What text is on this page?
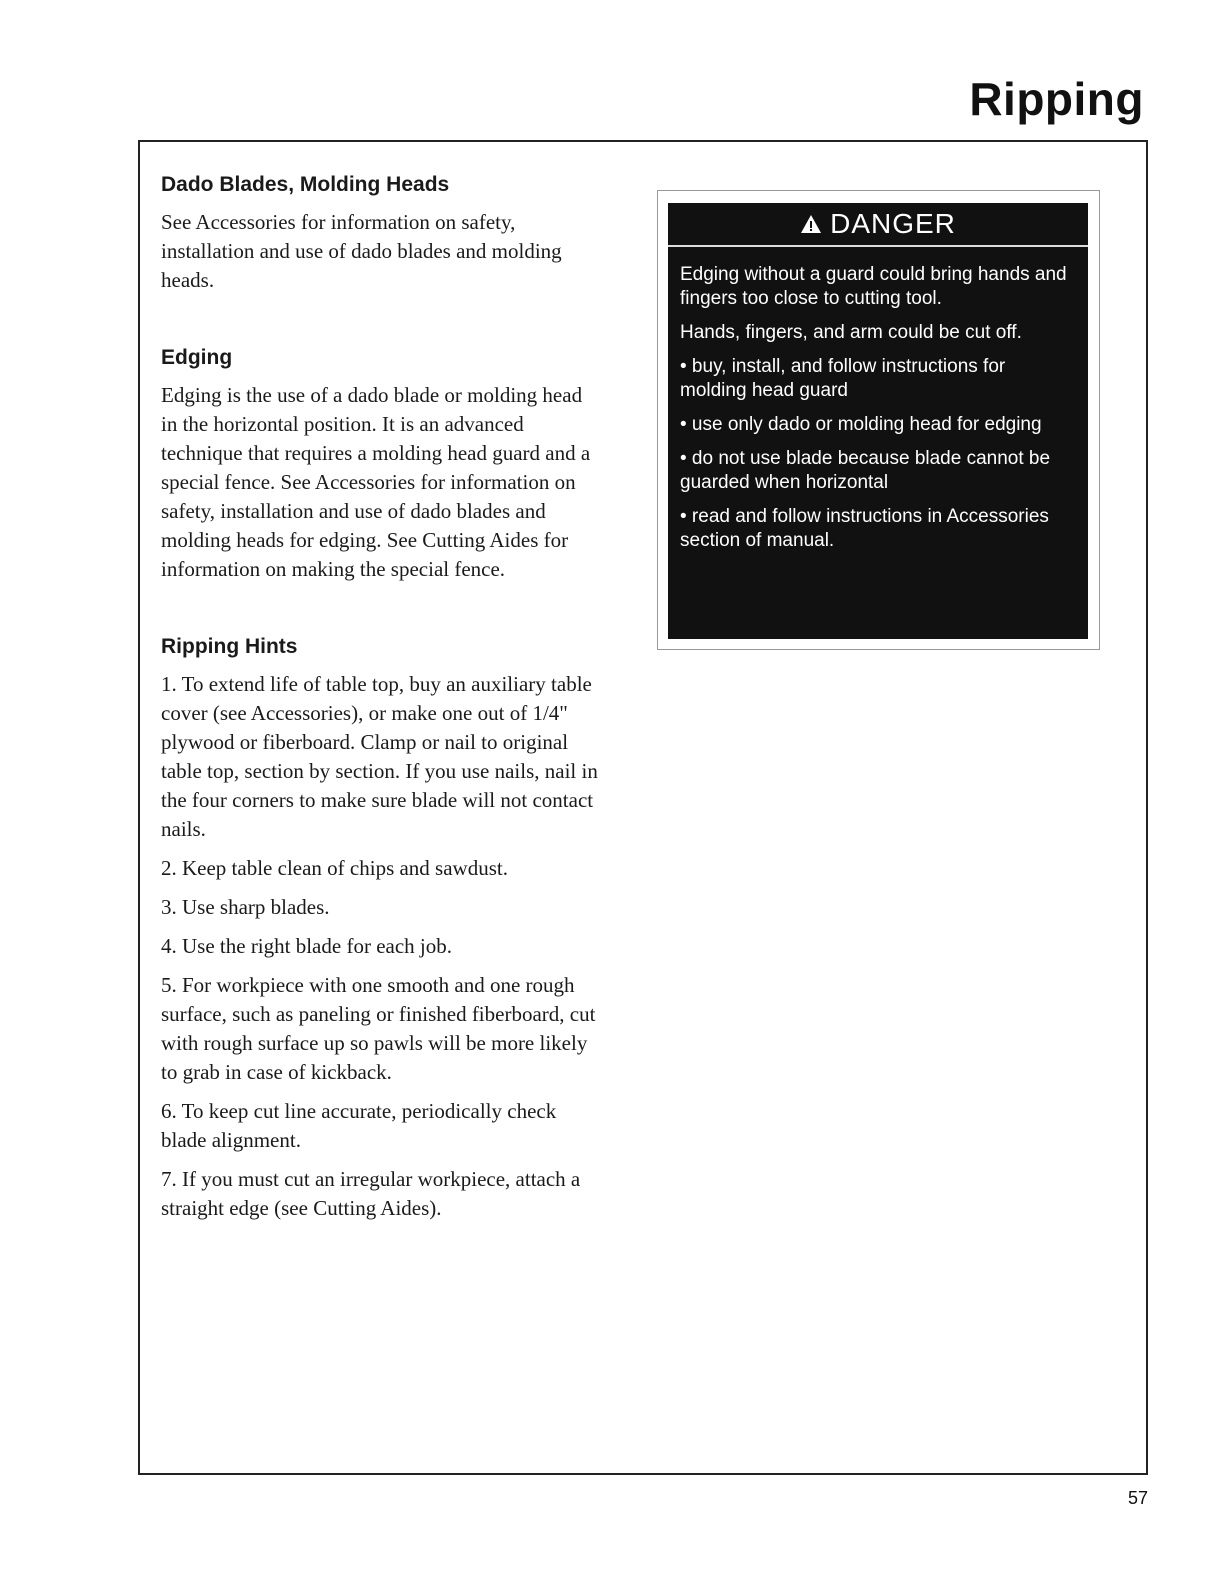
Ripping
Dado Blades, Molding Heads

See Accessories for information on safety, installation and use of dado blades and molding heads.

Edging

Edging is the use of a dado blade or molding head in the horizontal position. It is an advanced technique that requires a molding head guard and a special fence. See Accessories for information on safety, installation and use of dado blades and molding heads for edging. See Cutting Aides for information on making the special fence.

Ripping Hints
1. To extend life of table top, buy an auxiliary table cover (see Accessories), or make one out of 1/4" plywood or fiberboard. Clamp or nail to original table top, section by section. If you use nails, nail in the four corners to make sure blade will not contact nails.
2. Keep table clean of chips and sawdust.
3. Use sharp blades.
4. Use the right blade for each job.
5. For workpiece with one smooth and one rough surface, such as paneling or finished fiberboard, cut with rough surface up so pawls will be more likely to grab in case of kickback.
6. To keep cut line accurate, periodically check blade alignment.
7. If you must cut an irregular workpiece, attach a straight edge (see Cutting Aides).
DANGER

Edging without a guard could bring hands and fingers too close to cutting tool.

Hands, fingers, and arm could be cut off.

• buy, install, and follow instructions for molding head guard

• use only dado or molding head for edging

• do not use blade because blade cannot be guarded when horizontal

• read and follow instructions in Accessories section of manual.

57
